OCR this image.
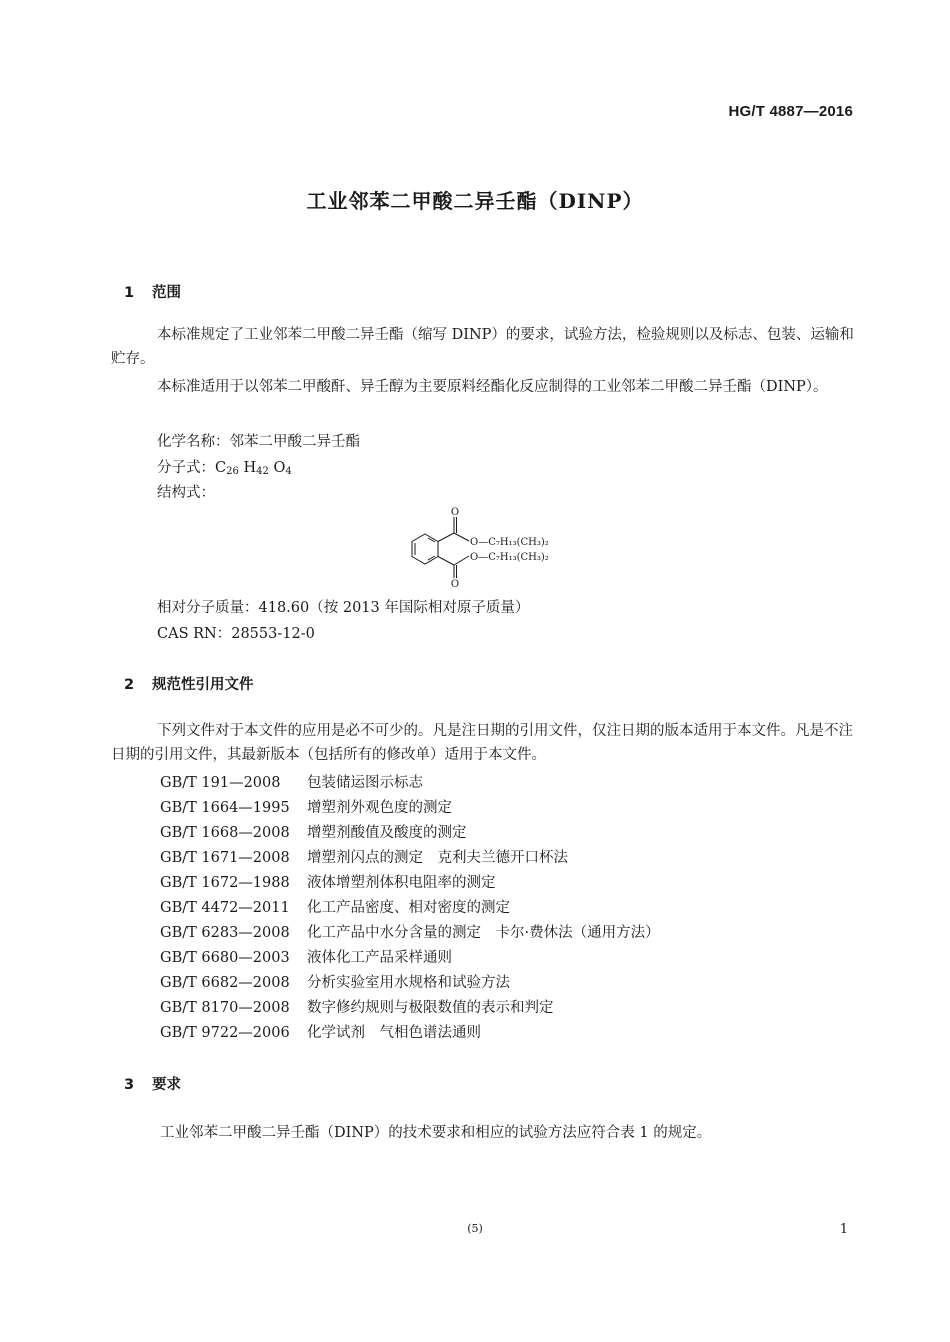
HG/T 4887—2016
工业邻苯二甲酸二异壬酯（DINP）
1 范围
本标准规定了工业邻苯二甲酸二异壬酯（缩写 DINP）的要求，试验方法，检验规则以及标志、包装、运输和贮存。
本标准适用于以邻苯二甲酸酐、异壬醇为主要原料经酯化反应制得的工业邻苯二甲酸二异壬酯（DINP）。
化学名称：邻苯二甲酸二异壬酯
分子式：$C_{26}$ $H_{42}$ $O_4$
结构式：
O
O
O—C₇H₁₃(CH₃)₂
O—C₇H₁₃(CH₃)₂
相对分子质量：418.60（按 2013 年国际相对原子质量）
CAS RN：28553-12-0
2 规范性引用文件
下列文件对于本文件的应用是必不可少的。凡是注日期的引用文件，仅注日期的版本适用于本文件。凡是不注日期的引用文件，其最新版本（包括所有的修改单）适用于本文件。
GB/T 191—2008 包装储运图示标志
GB/T 1664—1995 增塑剂外观色度的测定
GB/T 1668—2008 增塑剂酸值及酸度的测定
GB/T 1671—2008 增塑剂闪点的测定　克利夫兰德开口杯法
GB/T 1672—1988 液体增塑剂体积电阻率的测定
GB/T 4472—2011 化工产品密度、相对密度的测定
GB/T 6283—2008 化工产品中水分含量的测定　卡尔·费休法（通用方法）
GB/T 6680—2003 液体化工产品采样通则
GB/T 6682—2008 分析实验室用水规格和试验方法
GB/T 8170—2008 数字修约规则与极限数值的表示和判定
GB/T 9722—2006 化学试剂　气相色谱法通则
3 要求
工业邻苯二甲酸二异壬酯（DINP）的技术要求和相应的试验方法应符合表 1 的规定。
(5)	1
